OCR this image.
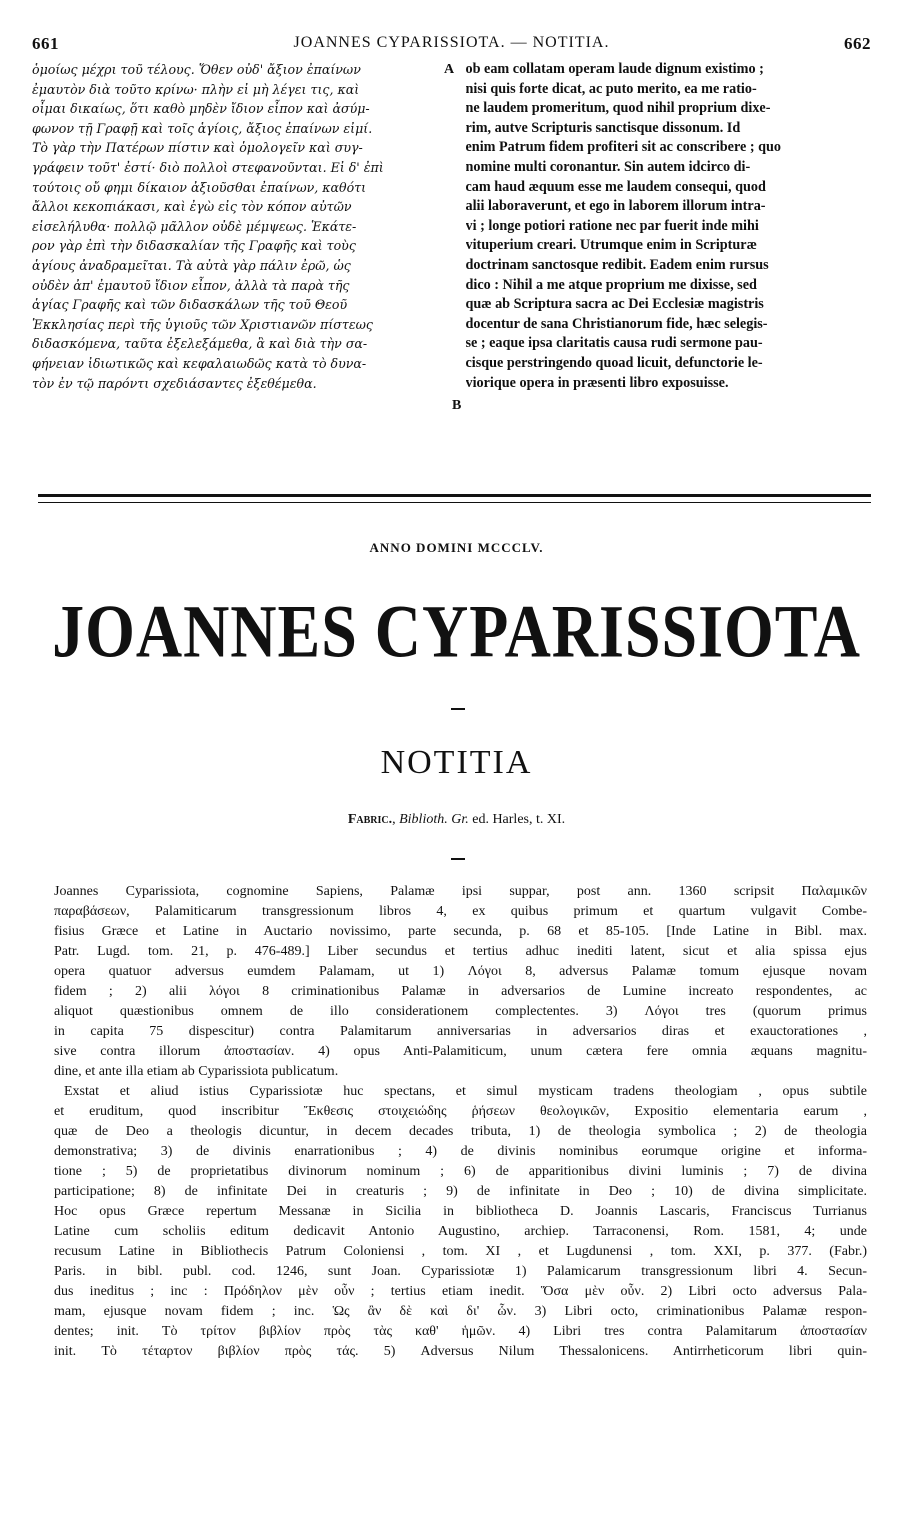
661	JOANNES CYPARISSIOTA. — NOTITIA.	662
ὁμοίως μέχρι τοῦ τέλους. Ὅθεν οὐδ' ἄξιον ἐπαίνων
ἐμαυτὸν διὰ τοῦτο κρίνω· πλὴν εἰ μὴ λέγει τις, καὶ
οἶμαι δικαίως, ὅτι καθὸ μηδὲν ἴδιον εἶπον καὶ ἀσύμ-
φωνον τῇ Γραφῇ καὶ τοῖς ἁγίοις, ἄξιος ἐπαίνων εἰμί.
Τὸ γὰρ τὴν Πατέρων πίστιν καὶ ὁμολογεῖν καὶ συγ-
γράφειν τοῦτ' ἐστί· διὸ πολλοὶ στεφανοῦνται. Εἰ δ' ἐπὶ
τούτοις οὔ φημι δίκαιον ἀξιοῦσθαι ἐπαίνων, καθότι
ἄλλοι κεκοπιάκασι, καὶ ἐγὼ εἰς τὸν κόπον αὐτῶν
εἰσελήλυθα· πολλῷ μᾶλλον οὐδὲ μέμψεως. Ἑκάτε-
ρον γὰρ ἐπὶ τὴν διδασκαλίαν τῆς Γραφῆς καὶ τοὺς
ἁγίους ἀναδραμεῖται. Τὰ αὐτὰ γὰρ πάλιν ἐρῶ, ὡς
οὐδὲν ἀπ' ἐμαυτοῦ ἴδιον εἶπον, ἀλλὰ τὰ παρὰ τῆς
ἁγίας Γραφῆς καὶ τῶν διδασκάλων τῆς τοῦ Θεοῦ
Ἐκκλησίας περὶ τῆς ὑγιοῦς τῶν Χριστιανῶν πίστεως
διδασκόμενα, ταῦτα ἐξελεξάμεθα, ἃ καὶ διὰ τὴν σα-
φήνειαν ἰδιωτικῶς καὶ κεφαλαιωδῶς κατὰ τὸ δυνα-
τὸν ἐν τῷ παρόντι σχεδιάσαντες ἐξεθέμεθα.
ob eam collatam operam laude dignum existimo ;
nisi quis forte dicat, ac puto merito, ea me ratio-
ne laudem promeritum, quod nihil proprium dixe-
rim, autve Scripturis sanctisque dissonum. Id
enim Patrum fidem profiteri sit ac conscribere ; quo
nomine multi coronantur. Sin autem idcirco di-
cam haud æquum esse me laudem consequi, quod
alii laboraverunt, et ego in laborem illorum intra-
vi ; longe potiori ratione nec par fuerit inde mihi
vituperium creari. Utrumque enim in Scripturæ
doctrinam sanctosque redibit. Eadem enim rursus
dico : Nihil a me atque proprium me dixisse, sed
quæ ab Scriptura sacra ac Dei Ecclesiæ magistris
docentur de sana Christianorum fide, hæc selegis-
se ; eaque ipsa claritatis causa rudi sermone pau-
cisque perstringendo quoad licuit, defunctorie le-
viorique opera in præsenti libro exposuisse.
A
B
ANNO DOMINI MCCCLV.
JOANNES CYPARISSIOTA
NOTITIA
Fabric., Biblioth. Gr. ed. Harles, t. XI.
Joannes Cyparissiota, cognomine Sapiens, Palamæ ipsi suppar, post ann. 1360 scripsit Παλαμικῶν
παραβάσεων, Palamiticarum transgressionum libros 4, ex quibus primum et quartum vulgavit Combe-
fisius Græce et Latine in Auctario novissimo, parte secunda, p. 68 et 85-105. [Inde Latine in Bibl. max.
Patr. Lugd. tom. 21, p. 476-489.] Liber secundus et tertius adhuc inediti latent, sicut et alia spissa ejus
opera quatuor adversus eumdem Palamam, ut 1) Λόγοι 8, adversus Palamæ tomum ejusque novam
fidem ; 2) alii λόγοι 8 criminationibus Palamæ in adversarios de Lumine increato respondentes, ac
aliquot quæstionibus omnem de illo considerationem complectentes. 3) Λόγοι tres (quorum primus
in capita 75 dispescitur) contra Palamitarum anniversarias in adversarios diras et exauctorationes ,
sive contra illorum ἀποστασίαν. 4) opus Anti-Palamiticum, unum cætera fere omnia æquans magnitu-
dine, et ante illa etiam ab Cyparissiota publicatum.
Exstat et aliud istius Cyparissiotæ huc spectans, et simul mysticam tradens theologiam , opus subtile
et eruditum, quod inscribitur Ἔκθεσις στοιχειώδης ῥήσεων θεολογικῶν, Expositio elementaria earum ,
quæ de Deo a theologis dicuntur, in decem decades tributa, 1) de theologia symbolica ; 2) de theologia
demonstrativa; 3) de divinis enarrationibus ; 4) de divinis nominibus eorumque origine et informa-
tione ; 5) de proprietatibus divinorum nominum ; 6) de apparitionibus divini luminis ; 7) de divina
participatione; 8) de infinitate Dei in creaturis ; 9) de infinitate in Deo ; 10) de divina simplicitate.
Hoc opus Græce repertum Messanæ in Sicilia in bibliotheca D. Joannis Lascaris, Franciscus Turrianus
Latine cum scholiis editum dedicavit Antonio Augustino, archiep. Tarraconensi, Rom. 1581, 4; unde
recusum Latine in Bibliothecis Patrum Coloniensi , tom. XI , et Lugdunensi , tom. XXI, p. 377. (Fabr.)
Paris. in bibl. publ. cod. 1246, sunt Joan. Cyparissiotæ 1) Palamicarum transgressionum libri 4. Secun-
dus ineditus ; inc : Πρόδηλον μὲν οὖν ; tertius etiam inedit. Ὅσα μὲν οὖν. 2) Libri octo adversus Pala-
mam, ejusque novam fidem ; inc. Ὡς ἂν δὲ καὶ δι' ὧν. 3) Libri octo, criminationibus Palamæ respon-
dentes; init. Τὸ τρίτον βιβλίον πρὸς τὰς καθ' ἡμῶν. 4) Libri tres contra Palamitarum ἀποστασίαν
init. Τὸ τέταρτον βιβλίον πρὸς τάς. 5) Adversus Nilum Thessalonicens. Antirrheticorum libri quin-
